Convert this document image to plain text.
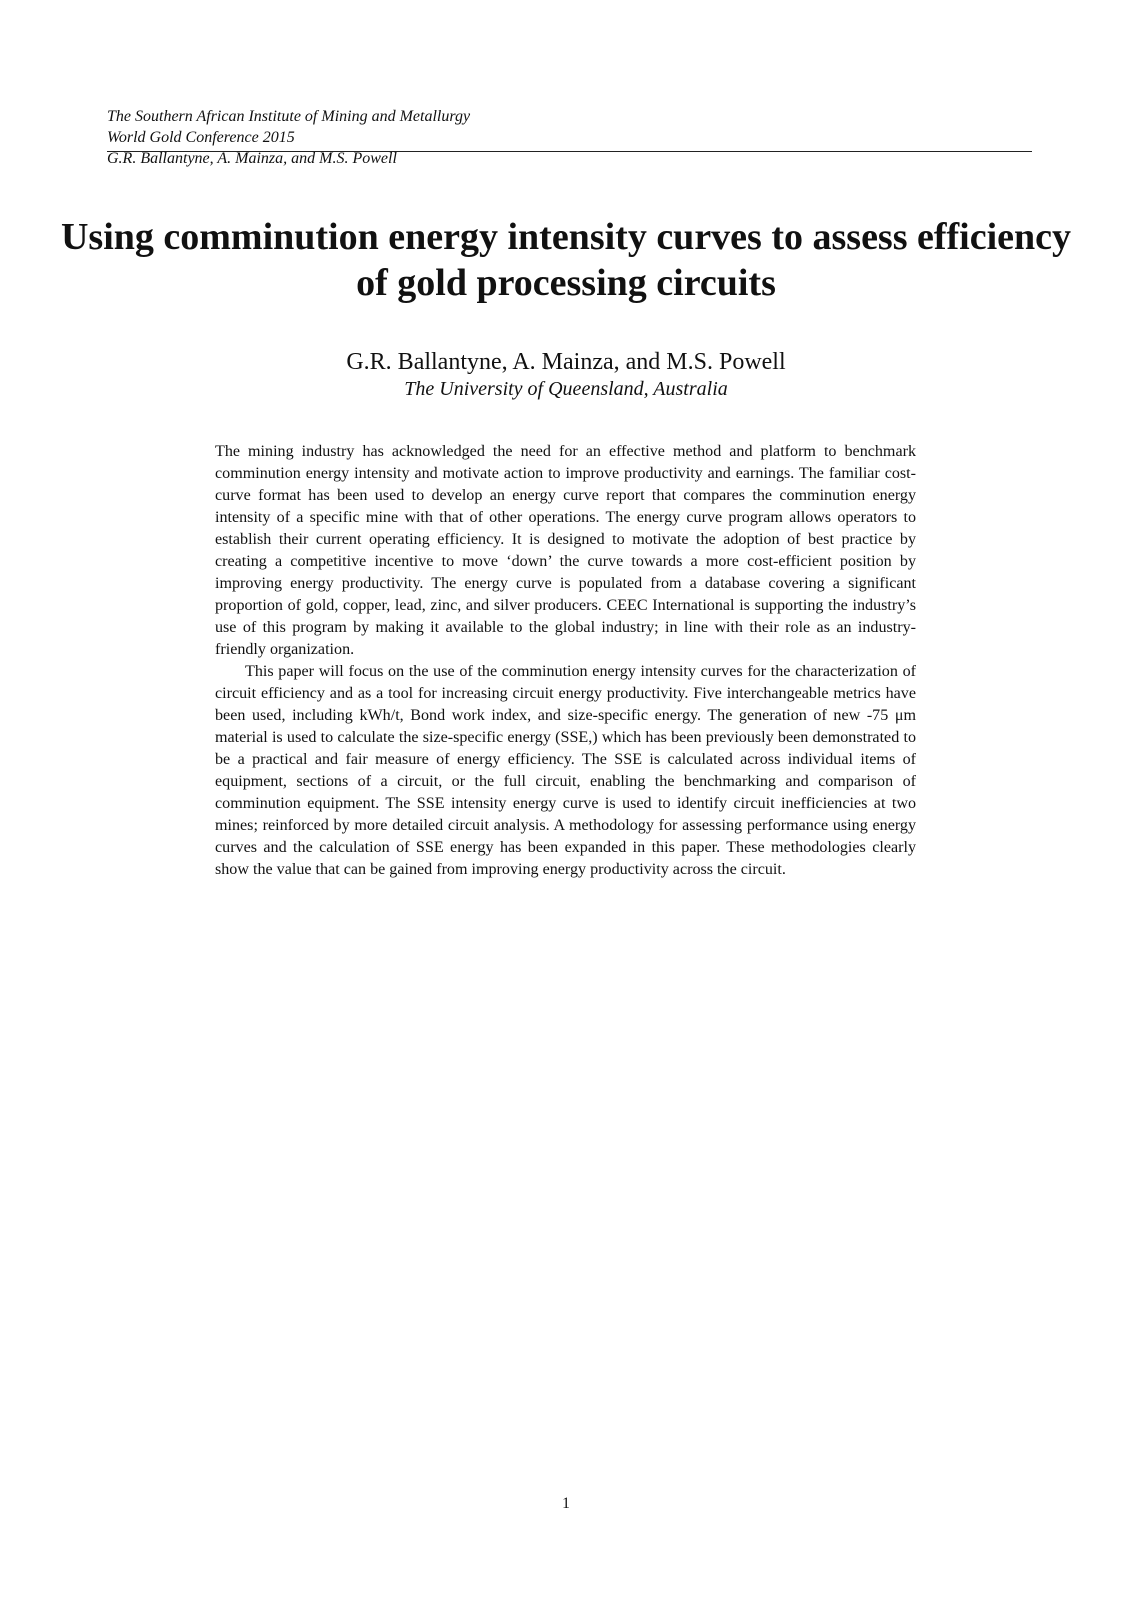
The Southern African Institute of Mining and Metallurgy
World Gold Conference 2015
G.R. Ballantyne, A. Mainza, and M.S. Powell
Using comminution energy intensity curves to assess efficiency of gold processing circuits
G.R. Ballantyne, A. Mainza, and M.S. Powell
The University of Queensland, Australia

The mining industry has acknowledged the need for an effective method and platform to benchmark comminution energy intensity and motivate action to improve productivity and earnings. The familiar cost-curve format has been used to develop an energy curve report that compares the comminution energy intensity of a specific mine with that of other operations. The energy curve program allows operators to establish their current operating efficiency. It is designed to motivate the adoption of best practice by creating a competitive incentive to move ‘down’ the curve towards a more cost-efficient position by improving energy productivity. The energy curve is populated from a database covering a significant proportion of gold, copper, lead, zinc, and silver producers. CEEC International is supporting the industry’s use of this program by making it available to the global industry; in line with their role as an industry-friendly organization.

This paper will focus on the use of the comminution energy intensity curves for the characterization of circuit efficiency and as a tool for increasing circuit energy productivity. Five interchangeable metrics have been used, including kWh/t, Bond work index, and size-specific energy. The generation of new -75 μm material is used to calculate the size-specific energy (SSE,) which has been previously been demonstrated to be a practical and fair measure of energy efficiency. The SSE is calculated across individual items of equipment, sections of a circuit, or the full circuit, enabling the benchmarking and comparison of comminution equipment. The SSE intensity energy curve is used to identify circuit inefficiencies at two mines; reinforced by more detailed circuit analysis. A methodology for assessing performance using energy curves and the calculation of SSE energy has been expanded in this paper. These methodologies clearly show the value that can be gained from improving energy productivity across the circuit.

1
